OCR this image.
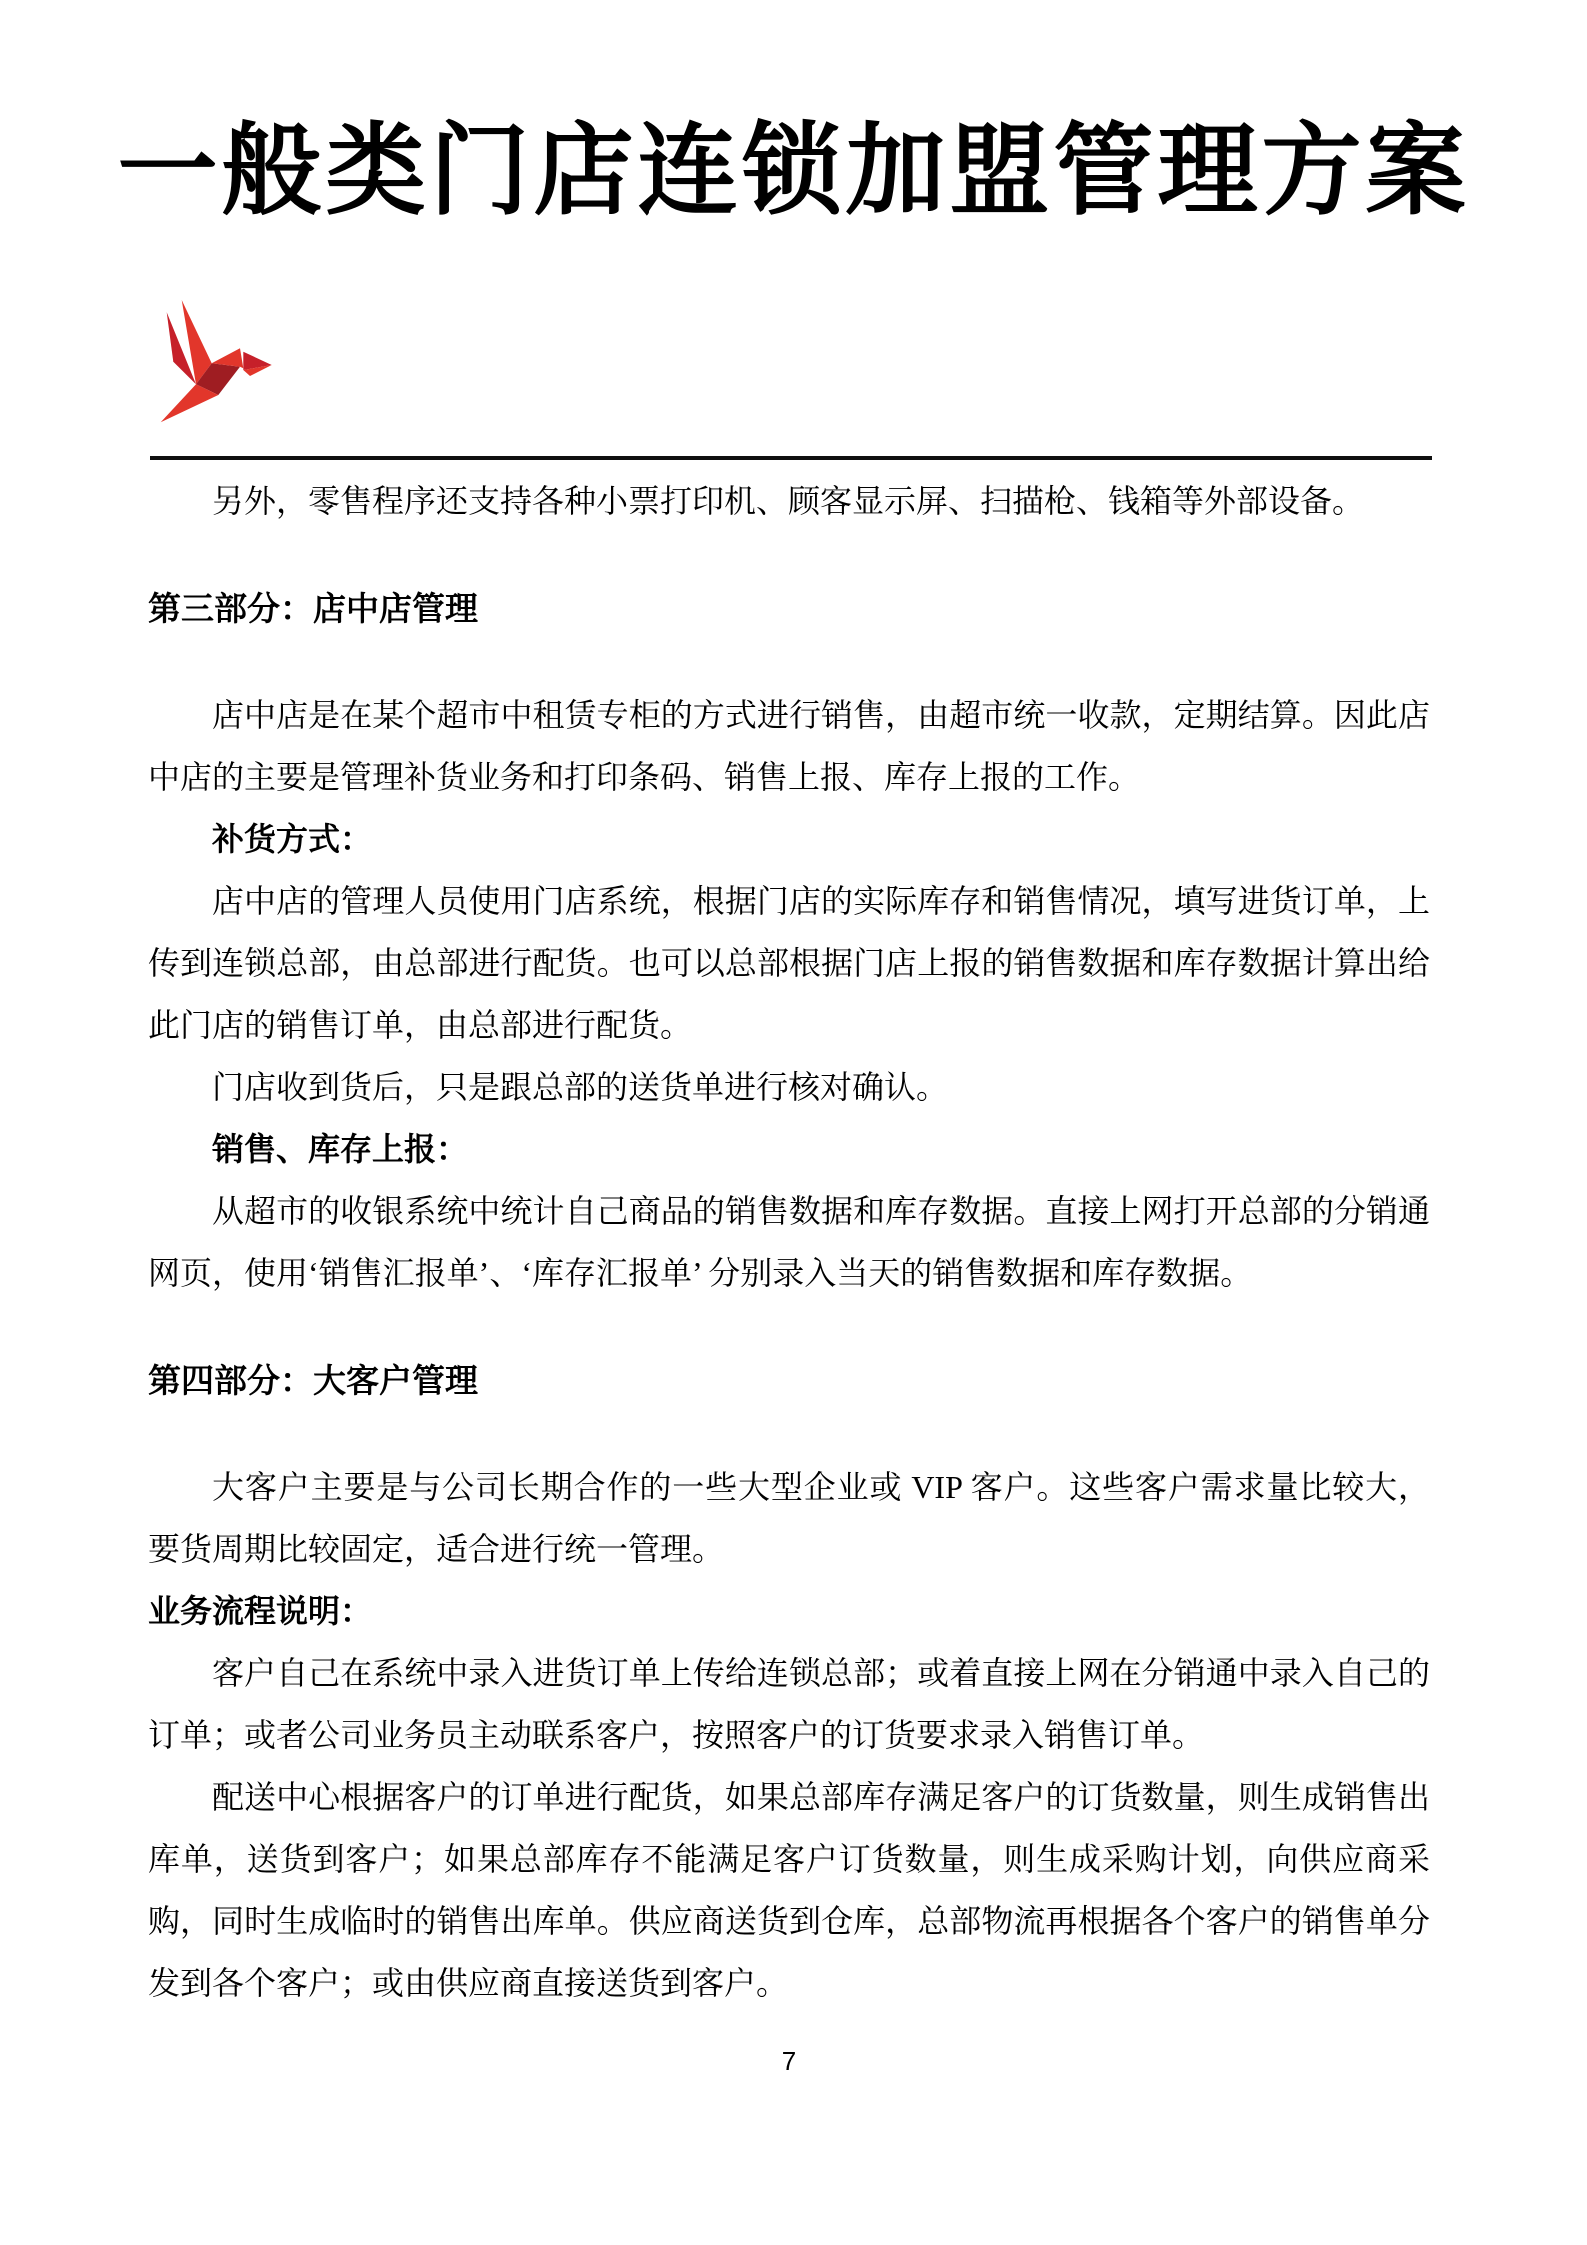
一般类门店连锁加盟管理方案

另外，零售程序还支持各种小票打印机、顾客显示屏、扫描枪、钱箱等外部设备。

第三部分：店中店管理

店中店是在某个超市中租赁专柜的方式进行销售，由超市统一收款，定期结算。因此店中店的主要是管理补货业务和打印条码、销售上报、库存上报的工作。

补货方式：

店中店的管理人员使用门店系统，根据门店的实际库存和销售情况，填写进货订单，上传到连锁总部，由总部进行配货。也可以总部根据门店上报的销售数据和库存数据计算出给此门店的销售订单，由总部进行配货。

门店收到货后，只是跟总部的送货单进行核对确认。

销售、库存上报：

从超市的收银系统中统计自己商品的销售数据和库存数据。直接上网打开总部的分销通网页，使用‘销售汇报单’、‘库存汇报单’ 分别录入当天的销售数据和库存数据。

第四部分：大客户管理

大客户主要是与公司长期合作的一些大型企业或 VIP 客户。这些客户需求量比较大，要货周期比较固定，适合进行统一管理。

业务流程说明：

客户自己在系统中录入进货订单上传给连锁总部；或着直接上网在分销通中录入自己的订单；或者公司业务员主动联系客户，按照客户的订货要求录入销售订单。

配送中心根据客户的订单进行配货，如果总部库存满足客户的订货数量，则生成销售出库单，送货到客户；如果总部库存不能满足客户订货数量，则生成采购计划，向供应商采购，同时生成临时的销售出库单。供应商送货到仓库，总部物流再根据各个客户的销售单分发到各个客户；或由供应商直接送货到客户。

7
